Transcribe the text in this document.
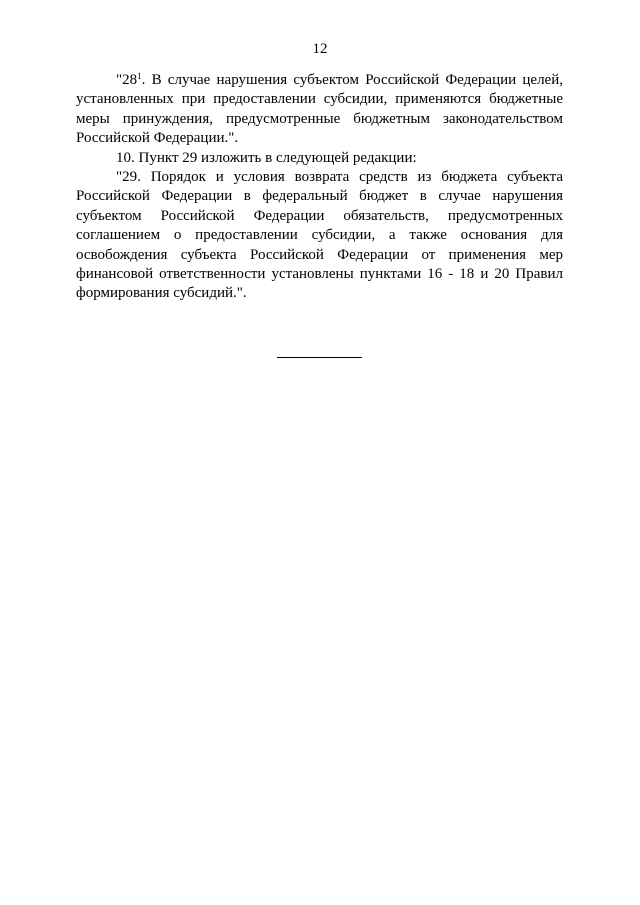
12

"$28^1$. В случае нарушения субъектом Российской Федерации целей, установленных при предоставлении субсидии, применяются бюджетные меры принуждения, предусмотренные бюджетным законодательством Российской Федерации.".

10. Пункт 29 изложить в следующей редакции:

"29. Порядок и условия возврата средств из бюджета субъекта Российской Федерации в федеральный бюджет в случае нарушения субъектом Российской Федерации обязательств, предусмотренных соглашением о предоставлении субсидии, а также основания для освобождения субъекта Российской Федерации от применения мер финансовой ответственности установлены пунктами 16 - 18 и 20 Правил формирования субсидий.".
